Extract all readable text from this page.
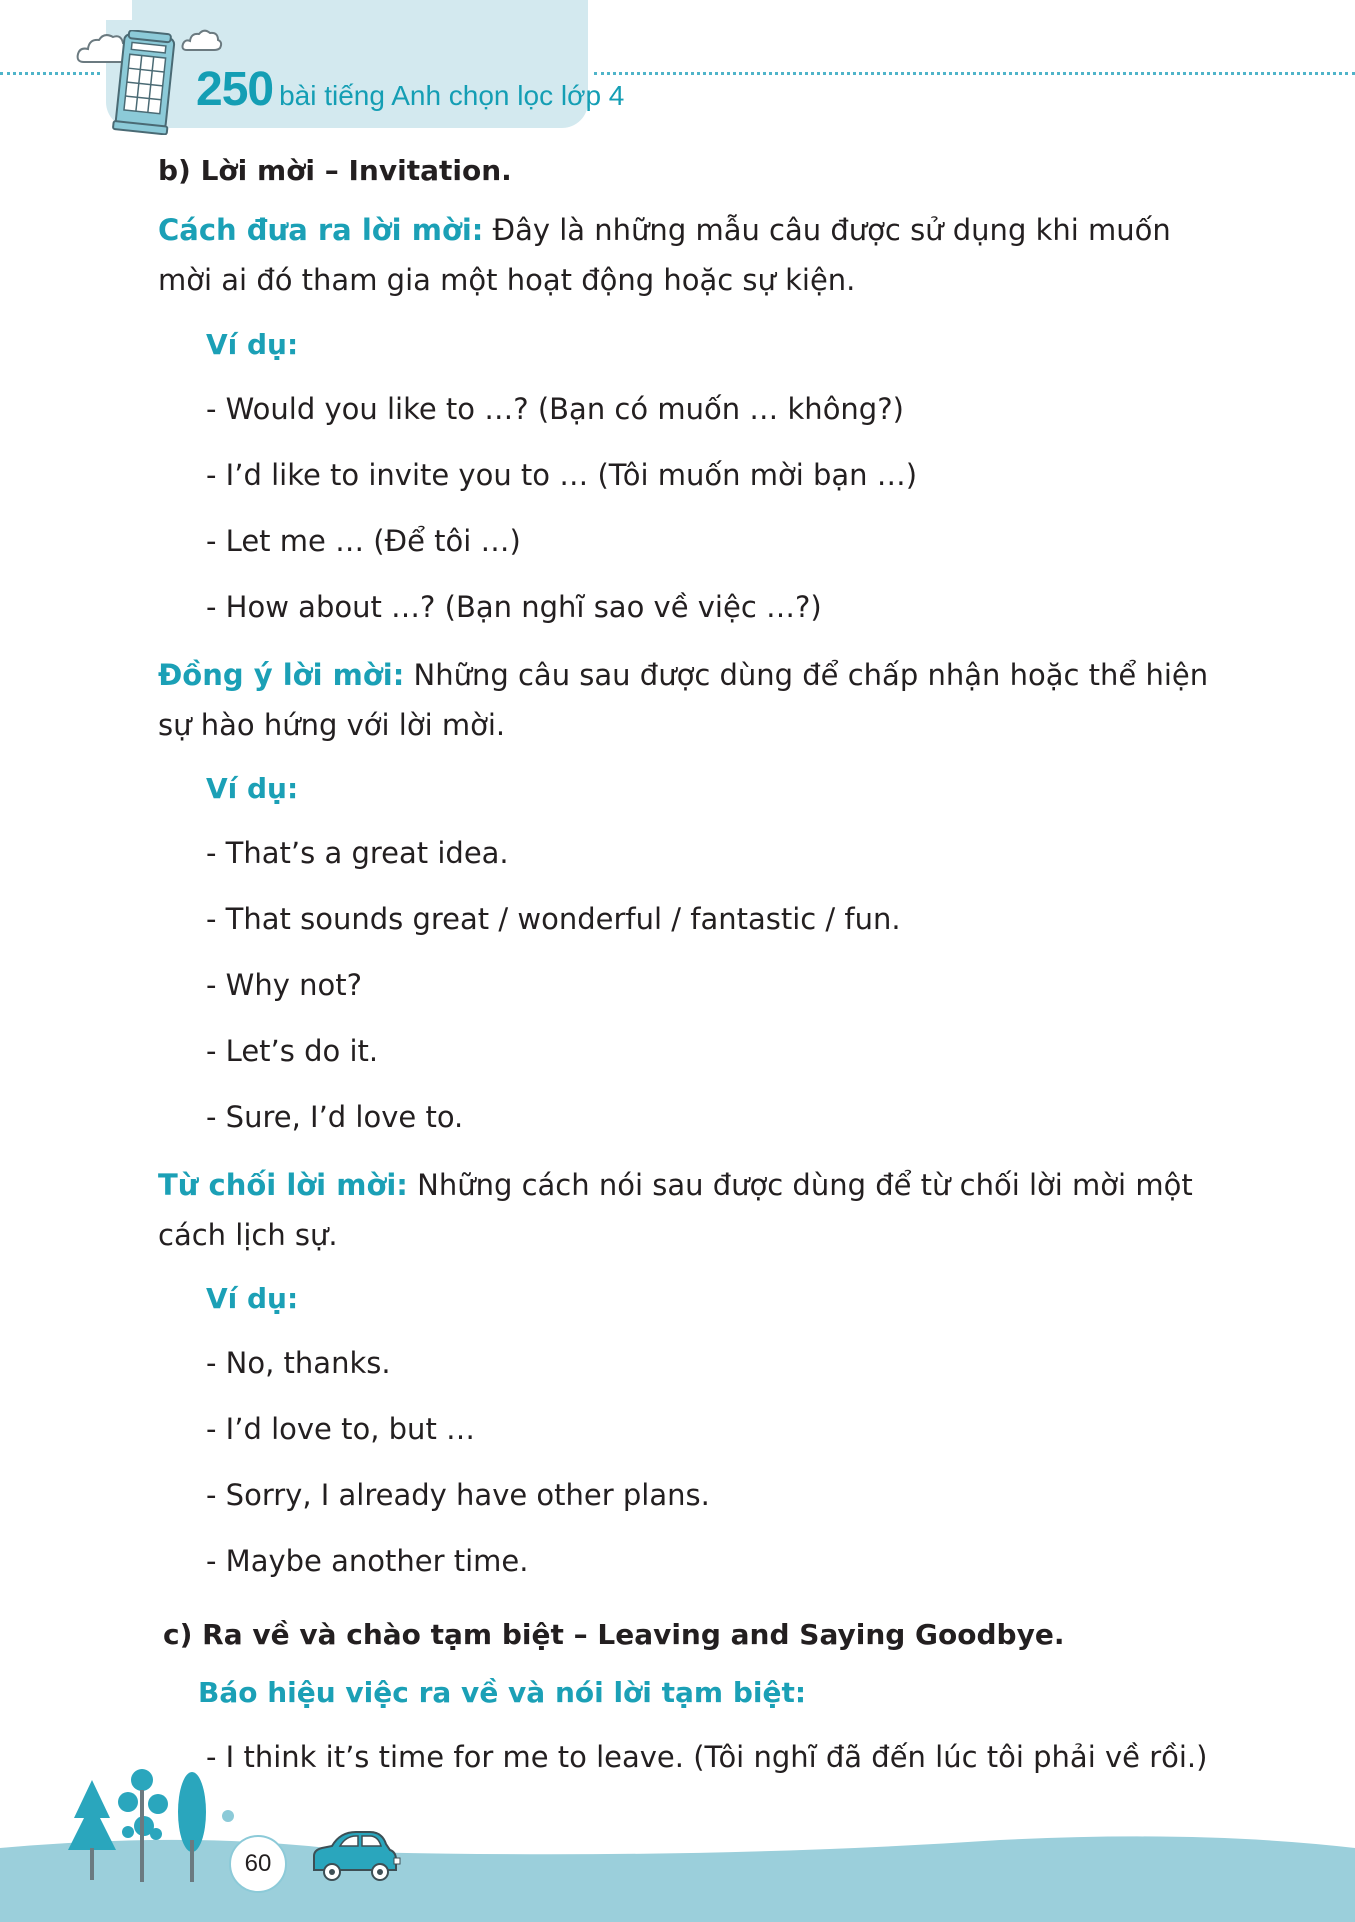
250 bài tiếng Anh chọn lọc lớp 4
b) Lời mời – Invitation.
Cách đưa ra lời mời: Đây là những mẫu câu được sử dụng khi muốn mời ai đó tham gia một hoạt động hoặc sự kiện.
Ví dụ:
- Would you like to …? (Bạn có muốn … không?)
- I’d like to invite you to … (Tôi muốn mời bạn …)
- Let me … (Để tôi …)
- How about …? (Bạn nghĩ sao về việc …?)
Đồng ý lời mời: Những câu sau được dùng để chấp nhận hoặc thể hiện sự hào hứng với lời mời.
Ví dụ:
- That’s a great idea.
- That sounds great / wonderful / fantastic / fun.
- Why not?
- Let’s do it.
- Sure, I’d love to.
Từ chối lời mời: Những cách nói sau được dùng để từ chối lời mời một cách lịch sự.
Ví dụ:
- No, thanks.
- I’d love to, but …
- Sorry, I already have other plans.
- Maybe another time.
c) Ra về và chào tạm biệt – Leaving and Saying Goodbye.
Báo hiệu việc ra về và nói lời tạm biệt:
- I think it’s time for me to leave. (Tôi nghĩ đã đến lúc tôi phải về rồi.)
60
